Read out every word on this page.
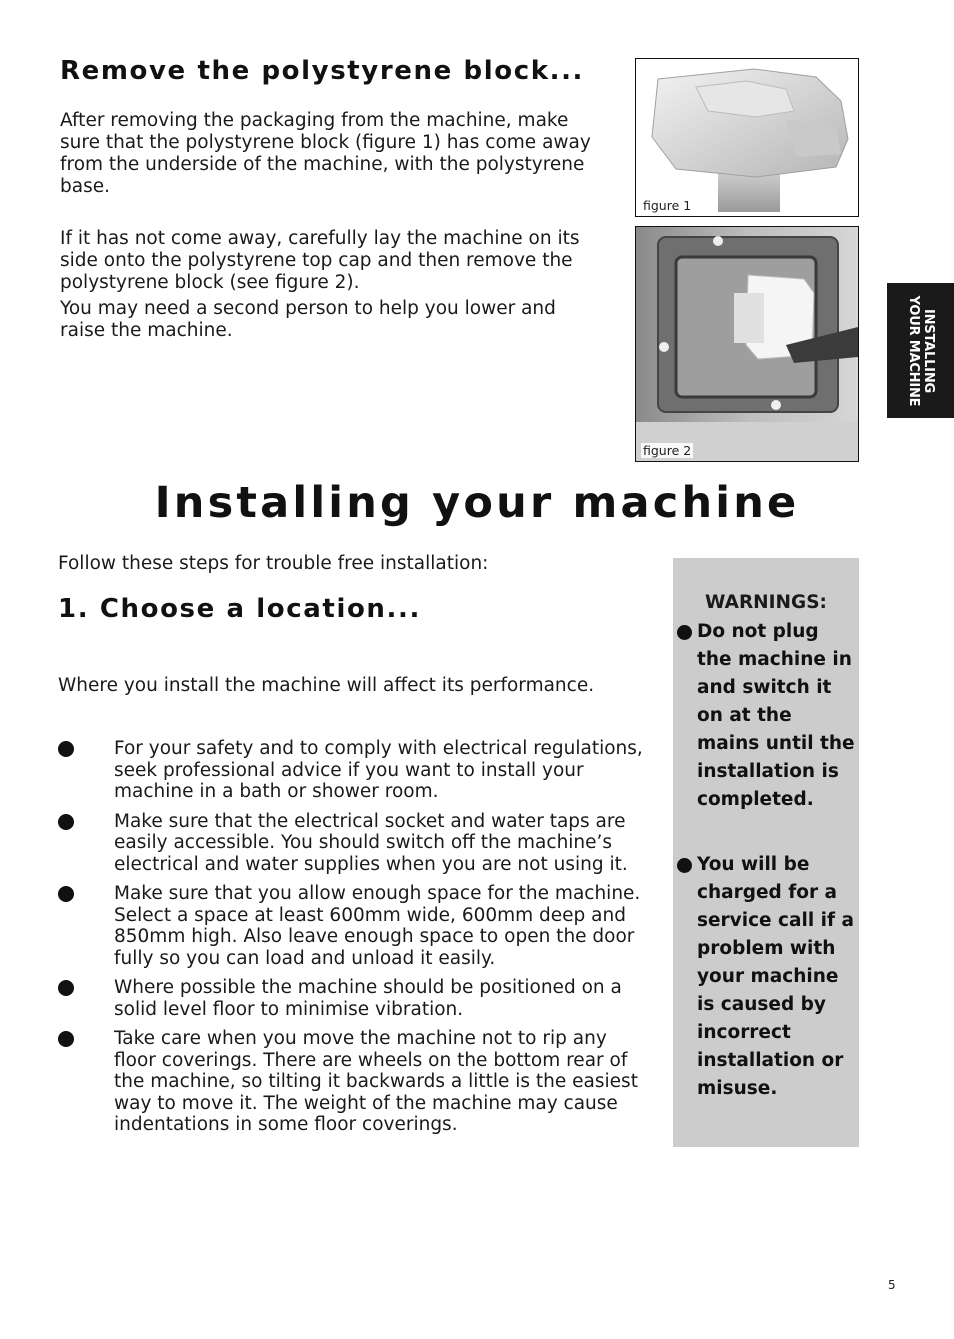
Remove the polystyrene block...
After removing the packaging from the machine, make sure that the polystyrene block (figure 1) has come away from the underside of the machine, with the polystyrene base.
If it has not come away, carefully lay the machine on its side onto the polystyrene top cap and then remove the polystyrene block (see figure 2).
You may need a second person to help you lower and raise the machine.
figure 1
figure 2
INSTALLING
YOUR MACHINE
Installing your machine
Follow these steps for trouble free installation:
1. Choose a location...
Where you install the machine will affect its performance.
For your safety and to comply with electrical regulations, seek professional advice if you want to install your machine in a bath or shower room.
Make sure that the electrical socket and water taps are easily accessible. You should switch off the machine’s electrical and water supplies when you are not using it.
Make sure that you allow enough space for the machine. Select a space at least 600mm wide, 600mm deep and 850mm high. Also leave enough space to open the door fully so you can load and unload it easily.
Where possible the machine should be positioned on a solid level floor to minimise vibration.
Take care when you move the machine not to rip any floor coverings. There are wheels on the bottom rear of the machine, so tilting it backwards a little is the easiest way to move it. The weight of the machine may cause indentations in some floor coverings.
WARNINGS:
Do not plug the machine in and switch it on at the mains until the installation is completed.
You will be charged for a service call if a problem with your machine is caused by incorrect installation or misuse.
5
